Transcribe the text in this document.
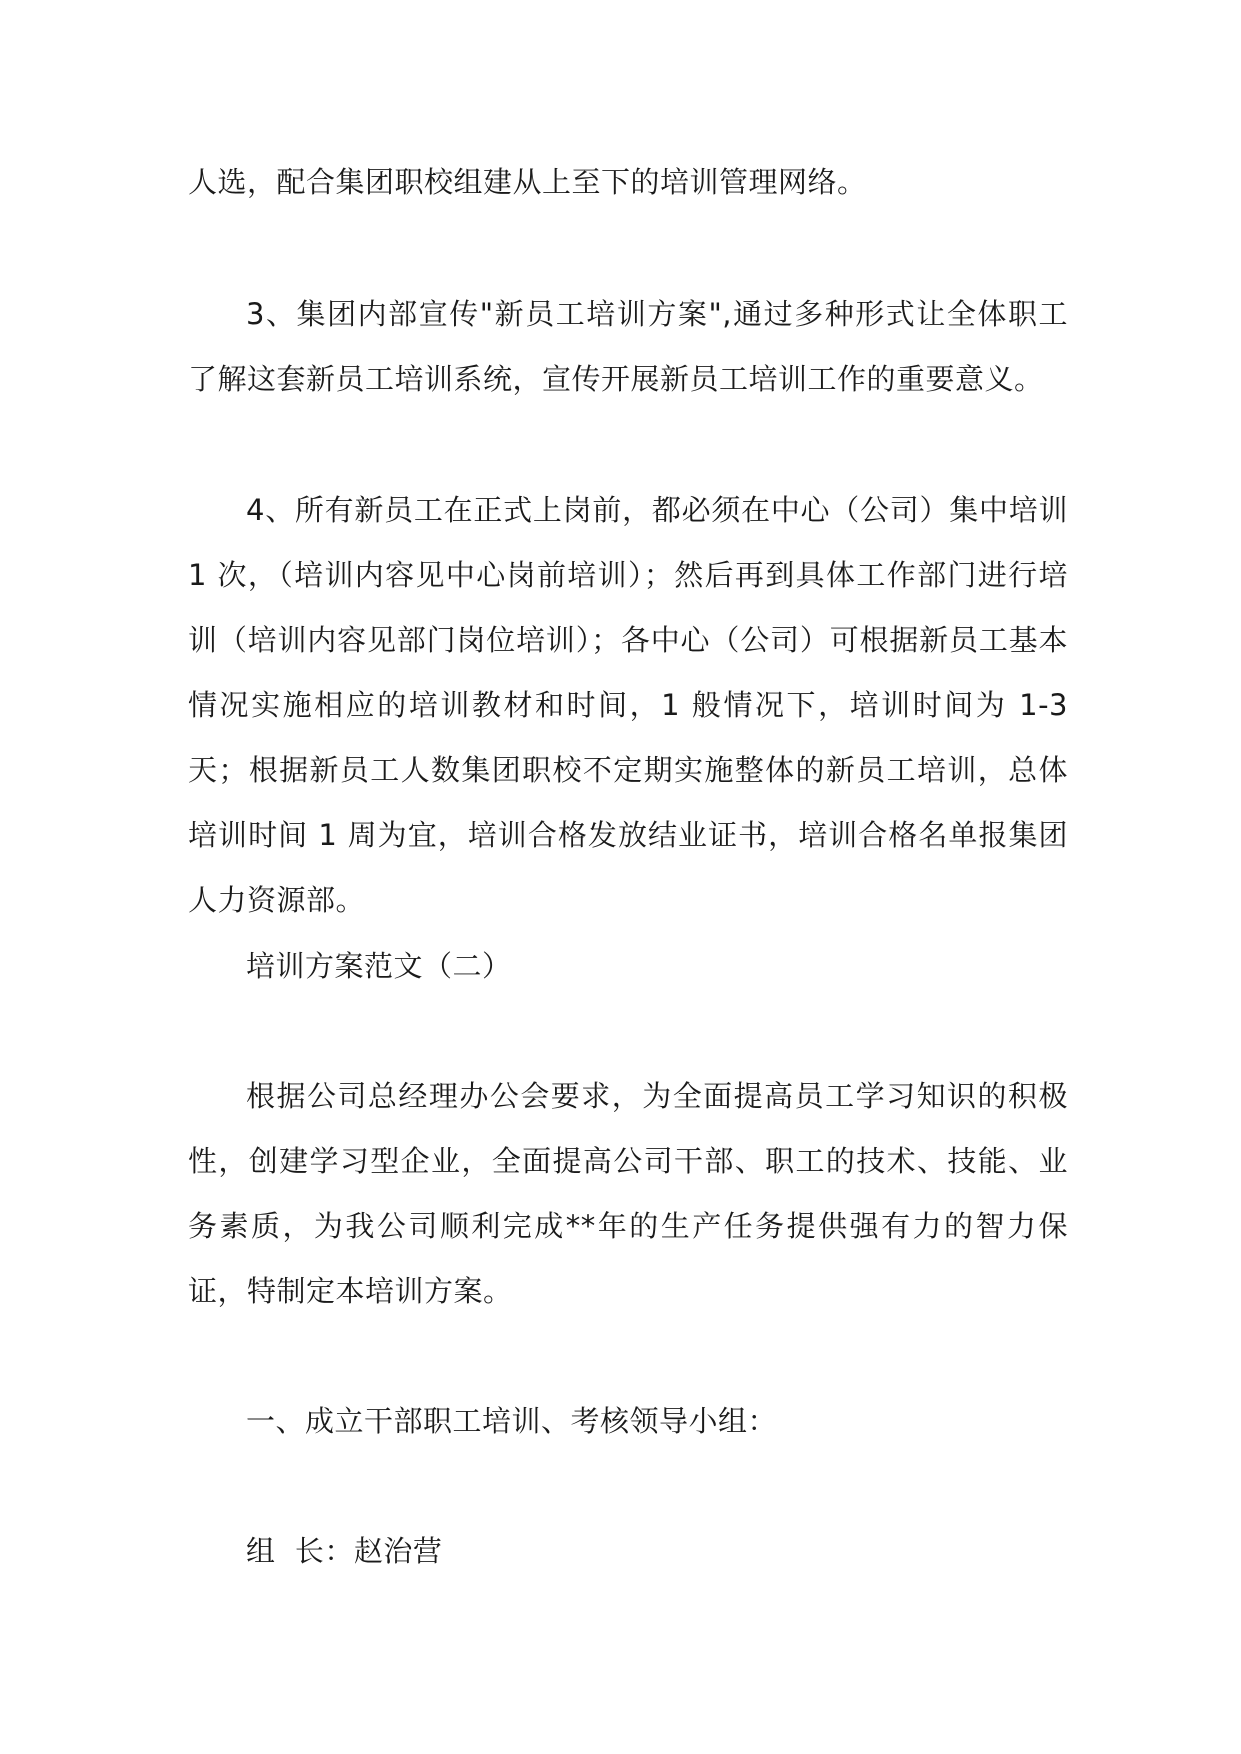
人选，配合集团职校组建从上至下的培训管理网络。

3、集团内部宣传"新员工培训方案",通过多种形式让全体职工了解这套新员工培训系统，宣传开展新员工培训工作的重要意义。

4、所有新员工在正式上岗前，都必须在中心（公司）集中培训 1 次，（培训内容见中心岗前培训）；然后再到具体工作部门进行培训（培训内容见部门岗位培训）；各中心（公司）可根据新员工基本情况实施相应的培训教材和时间，1 般情况下，培训时间为 1-3 天；根据新员工人数集团职校不定期实施整体的新员工培训，总体培训时间 1 周为宜，培训合格发放结业证书，培训合格名单报集团人力资源部。

培训方案范文（二）

根据公司总经理办公会要求，为全面提高员工学习知识的积极性，创建学习型企业，全面提高公司干部、职工的技术、技能、业务素质，为我公司顺利完成**年的生产任务提供强有力的智力保证，特制定本培训方案。

一、成立干部职工培训、考核领导小组：

组  长：赵治营
